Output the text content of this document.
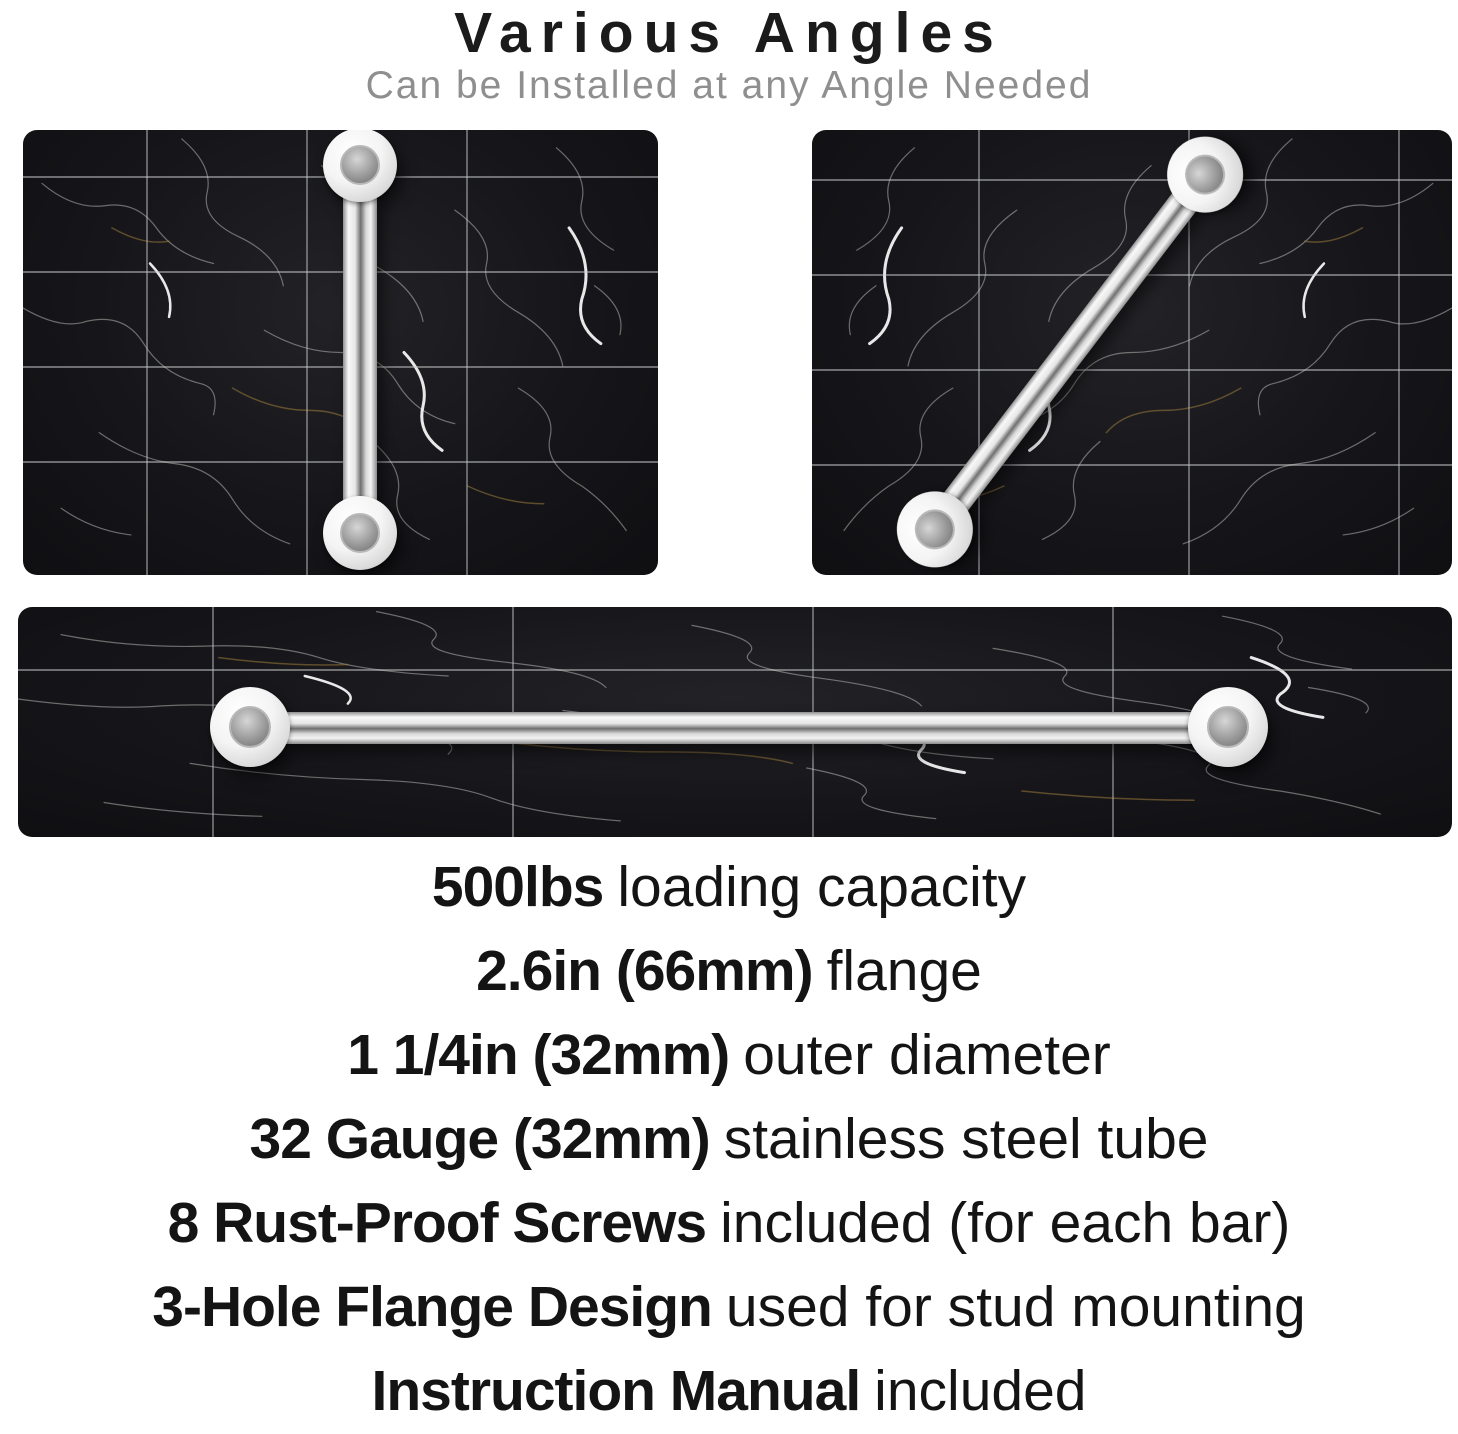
Various Angles

Can be Installed at any Angle Needed

500lbs loading capacity

2.6in (66mm) flange

1 1/4in (32mm) outer diameter

32 Gauge (32mm) stainless steel tube

8 Rust-Proof Screws included (for each bar)

3-Hole Flange Design used for stud mounting

Instruction Manual included
